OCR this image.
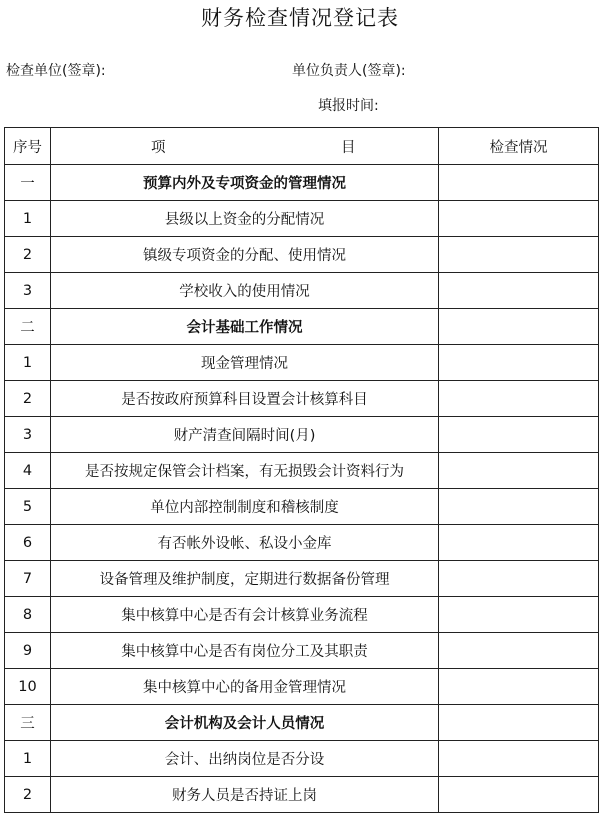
财务检查情况登记表
检查单位(签章):	单位负责人(签章):
填报时间:
序号	项 目	检查情况
一	预算内外及专项资金的管理情况	
1	县级以上资金的分配情况	
2	镇级专项资金的分配、使用情况	
3	学校收入的使用情况	
二	会计基础工作情况	
1	现金管理情况	
2	是否按政府预算科目设置会计核算科目	
3	财产清查间隔时间(月)	
4	是否按规定保管会计档案，有无损毁会计资料行为	
5	单位内部控制制度和稽核制度	
6	有否帐外设帐、私设小金库	
7	设备管理及维护制度，定期进行数据备份管理	
8	集中核算中心是否有会计核算业务流程	
9	集中核算中心是否有岗位分工及其职责	
10	集中核算中心的备用金管理情况	
三	会计机构及会计人员情况	
1	会计、出纳岗位是否分设	
2	财务人员是否持证上岗	
